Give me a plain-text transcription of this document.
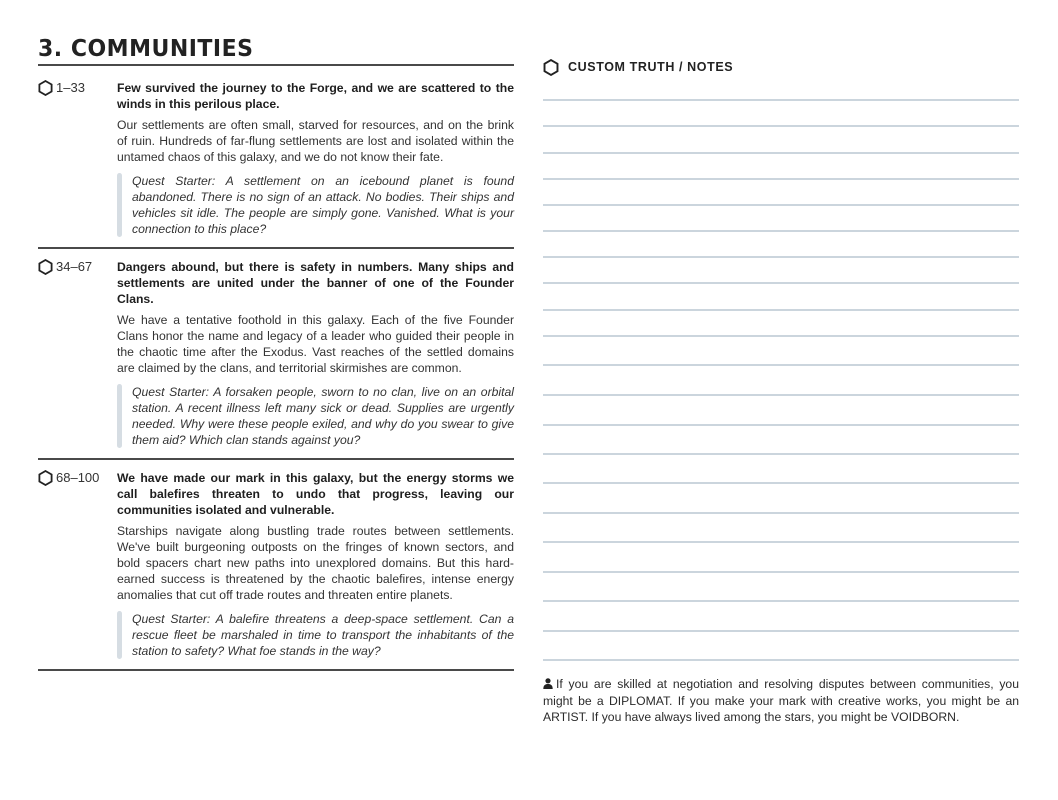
3. COMMUNITIES
1–33	Few survived the journey to the Forge, and we are scattered to the winds in this perilous place.

Our settlements are often small, starved for resources, and on the brink of ruin. Hundreds of far-flung settlements are lost and isolated within the untamed chaos of this galaxy, and we do not know their fate.

Quest Starter: A settlement on an icebound planet is found abandoned. There is no sign of an attack. No bodies. Their ships and vehicles sit idle. The people are simply gone. Vanished. What is your connection to this place?

34–67 Dangers abound, but there is safety in numbers. Many ships and settlements are united under the banner of one of the Founder Clans.

We have a tentative foothold in this galaxy. Each of the five Founder Clans honor the name and legacy of a leader who guided their people in the chaotic time after the Exodus. Vast reaches of the settled domains are claimed by the clans, and territorial skirmishes are common.

Quest Starter: A forsaken people, sworn to no clan, live on an orbital station. A recent illness left many sick or dead. Supplies are urgently needed. Why were these people exiled, and why do you swear to give them aid? Which clan stands against you?

68–100 We have made our mark in this galaxy, but the energy storms we call balefires threaten to undo that progress, leaving our communities isolated and vulnerable.

Starships navigate along bustling trade routes between settlements. We've built burgeoning outposts on the fringes of known sectors, and bold spacers chart new paths into unexplored domains. But this hard-earned success is threatened by the chaotic balefires, intense energy anomalies that cut off trade routes and threaten entire planets.

Quest Starter: A balefire threatens a deep-space settlement. Can a rescue fleet be marshaled in time to transport the inhabitants of the station to safety? What foe stands in the way?

CUSTOM TRUTH / NOTES

If you are skilled at negotiation and resolving disputes between communities, you might be a DIPLOMAT. If you make your mark with creative works, you might be an ARTIST. If you have always lived among the stars, you might be VOIDBORN.
